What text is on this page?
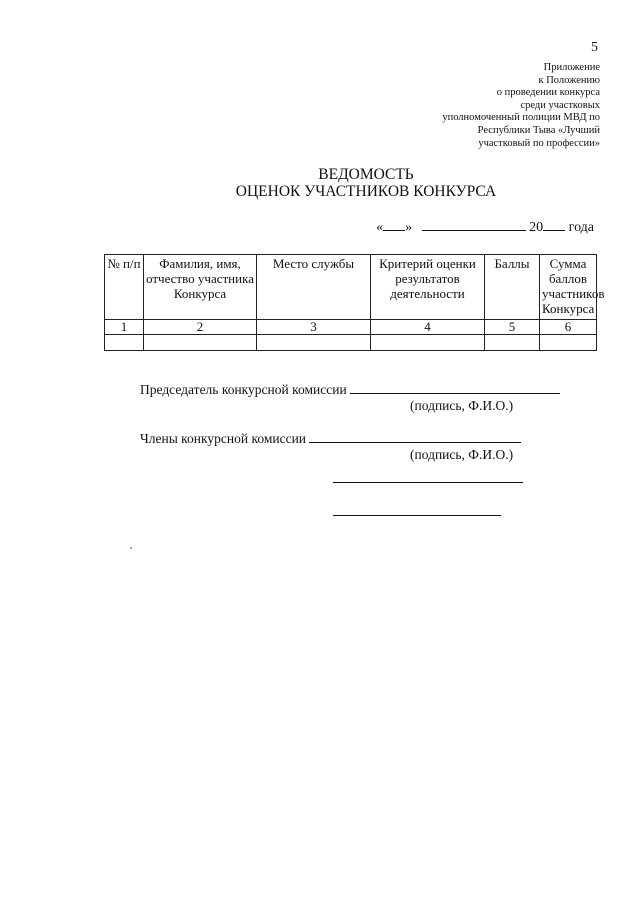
5
Приложение
к Положению
о проведении конкурса
среди участковых
уполномоченный полиции МВД по
Республики Тыва «Лучший
участковый по профессии»
ВЕДОМОСТЬ
ОЦЕНОК УЧАСТНИКОВ КОНКУРСА
« »	20 года
№ п/п	Фамилия, имя, отчество участника Конкурса	Место службы	Критерий оценки результатов деятельности	Баллы	Сумма баллов участников Конкурса
1	2	3	4	5	6

Председатель конкурсной комиссии
(подпись, Ф.И.О.)
Члены конкурсной комиссии
(подпись, Ф.И.О.)
